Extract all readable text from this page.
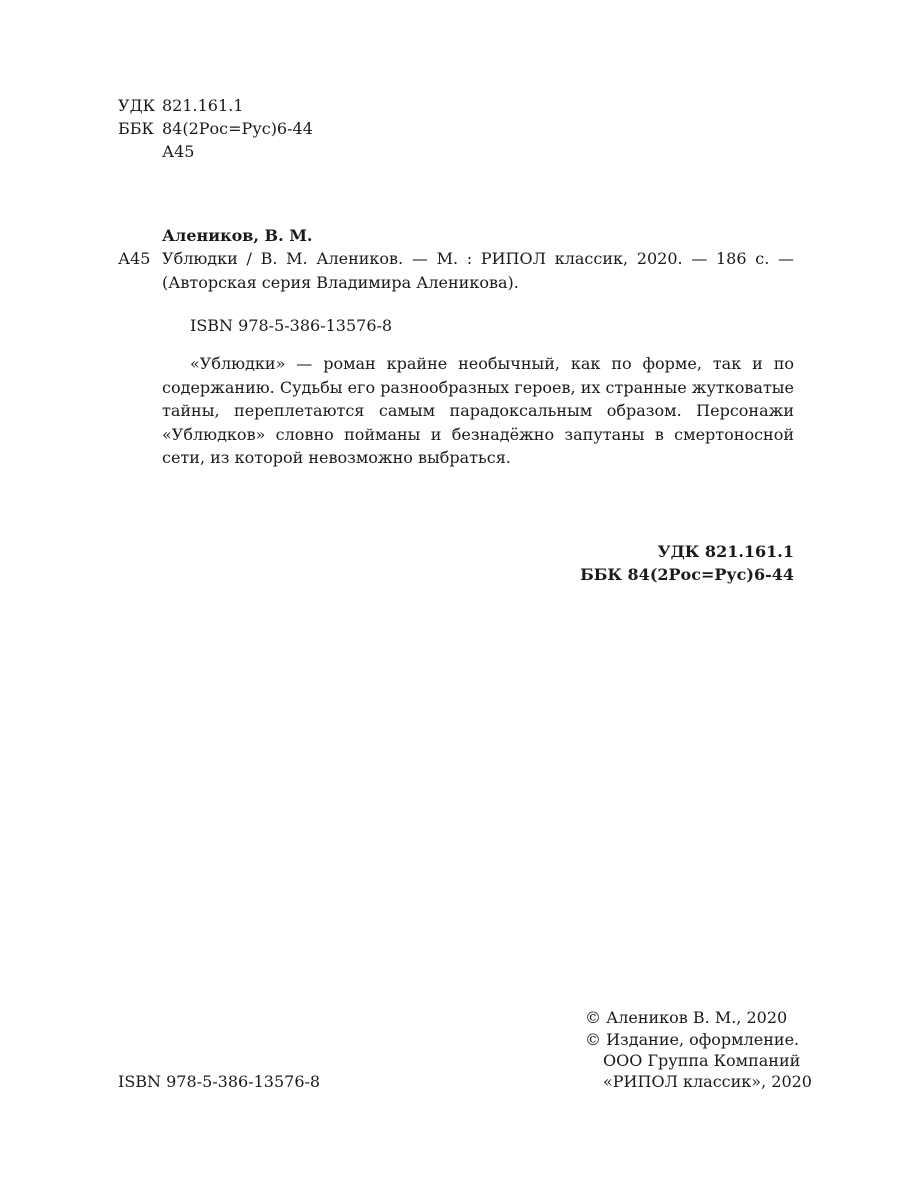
УДК 821.161.1
ББК 84(2Рос=Рус)6-44
А45
Алеников, В. М.
А45 Ублюдки / В. М. Алеников. — М. : РИПОЛ классик, 2020. — 186 с. —
(Авторская серия Владимира Аленикова).
ISBN 978-5-386-13576-8

«Ублюдки» — роман крайне необычный, как по форме, так и по содержанию. Судьбы его разнообразных героев, их странные жутковатые тайны, переплетаются самым парадоксальным образом. Персонажи «Ублюдков» словно пойманы и безнадёжно запутаны в смертоносной сети, из которой невозможно выбраться.

УДК 821.161.1
ББК 84(2Рос=Рус)6-44
© Алеников В. М., 2020
© Издание, оформление.
ООО Группа Компаний
«РИПОЛ классик», 2020
ISBN 978-5-386-13576-8
